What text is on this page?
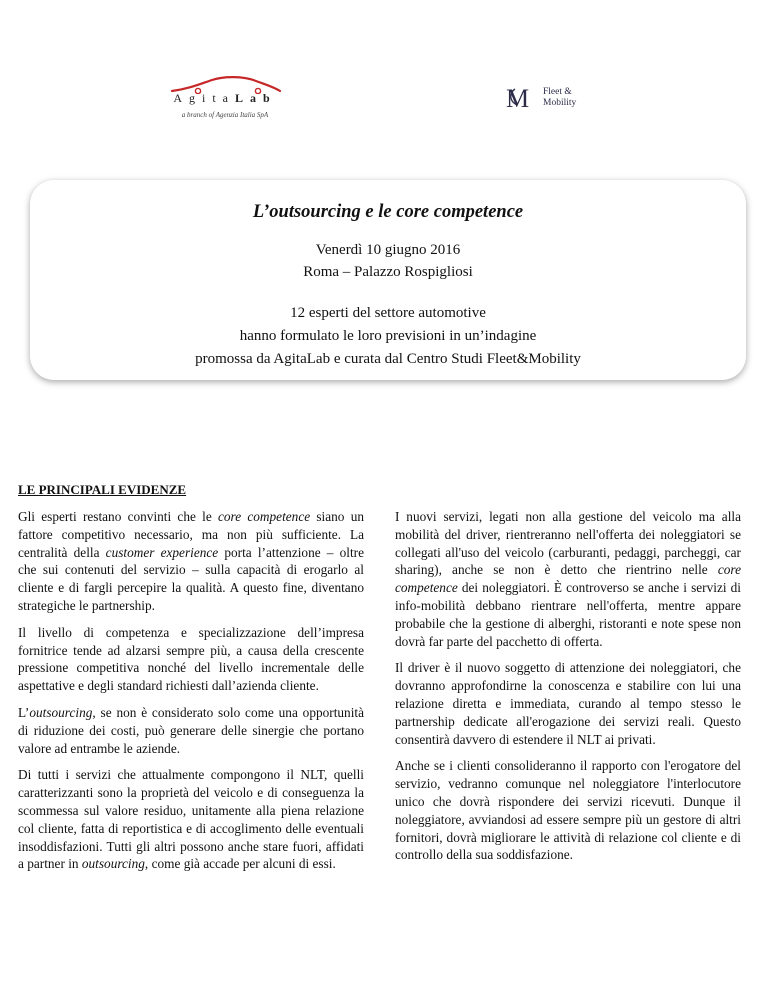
AgitaLab
a branch of Agenzia Italia SpA
M Fleet &
Mobility
L’outsourcing e le core competence
Venerdì 10 giugno 2016
Roma – Palazzo Rospigliosi
12 esperti del settore automotive
hanno formulato le loro previsioni in un’indagine
promossa da AgitaLab e curata dal Centro Studi Fleet&Mobility
LE PRINCIPALI EVIDENZE

Gli esperti restano convinti che le core competence siano un fattore competitivo necessario, ma non più sufficiente. La centralità della customer experience porta l’attenzione – oltre che sui contenuti del servizio – sulla capacità di erogarlo al cliente e di fargli percepire la qualità. A questo fine, diventano strategiche le partnership.

Il livello di competenza e specializzazione dell’impresa fornitrice tende ad alzarsi sempre più, a causa della crescente pressione competitiva nonché del livello incrementale delle aspettative e degli standard richiesti dall’azienda cliente.

L’outsourcing, se non è considerato solo come una opportunità di riduzione dei costi, può generare delle sinergie che portano valore ad entrambe le aziende.

Di tutti i servizi che attualmente compongono il NLT, quelli caratterizzanti sono la proprietà del veicolo e di conseguenza la scommessa sul valore residuo, unitamente alla piena relazione col cliente, fatta di reportistica e di accoglimento delle eventuali insoddisfazioni. Tutti gli altri possono anche stare fuori, affidati a partner in outsourcing, come già accade per alcuni di essi.

I nuovi servizi, legati non alla gestione del veicolo ma alla mobilità del driver, rientreranno nell'offerta dei noleggiatori se collegati all'uso del veicolo (carburanti, pedaggi, parcheggi, car sharing), anche se non è detto che rientrino nelle core competence dei noleggiatori. È controverso se anche i servizi di info-mobilità debbano rientrare nell'offerta, mentre appare probabile che la gestione di alberghi, ristoranti e note spese non dovrà far parte del pacchetto di offerta.

Il driver è il nuovo soggetto di attenzione dei noleggiatori, che dovranno approfondirne la conoscenza e stabilire con lui una relazione diretta e immediata, curando al tempo stesso le partnership dedicate all'erogazione dei servizi reali. Questo consentirà davvero di estendere il NLT ai privati.

Anche se i clienti consolideranno il rapporto con l'erogatore del servizio, vedranno comunque nel noleggiatore l'interlocutore unico che dovrà rispondere dei servizi ricevuti. Dunque il noleggiatore, avviandosi ad essere sempre più un gestore di altri fornitori, dovrà migliorare le attività di relazione col cliente e di controllo della sua soddisfazione.
